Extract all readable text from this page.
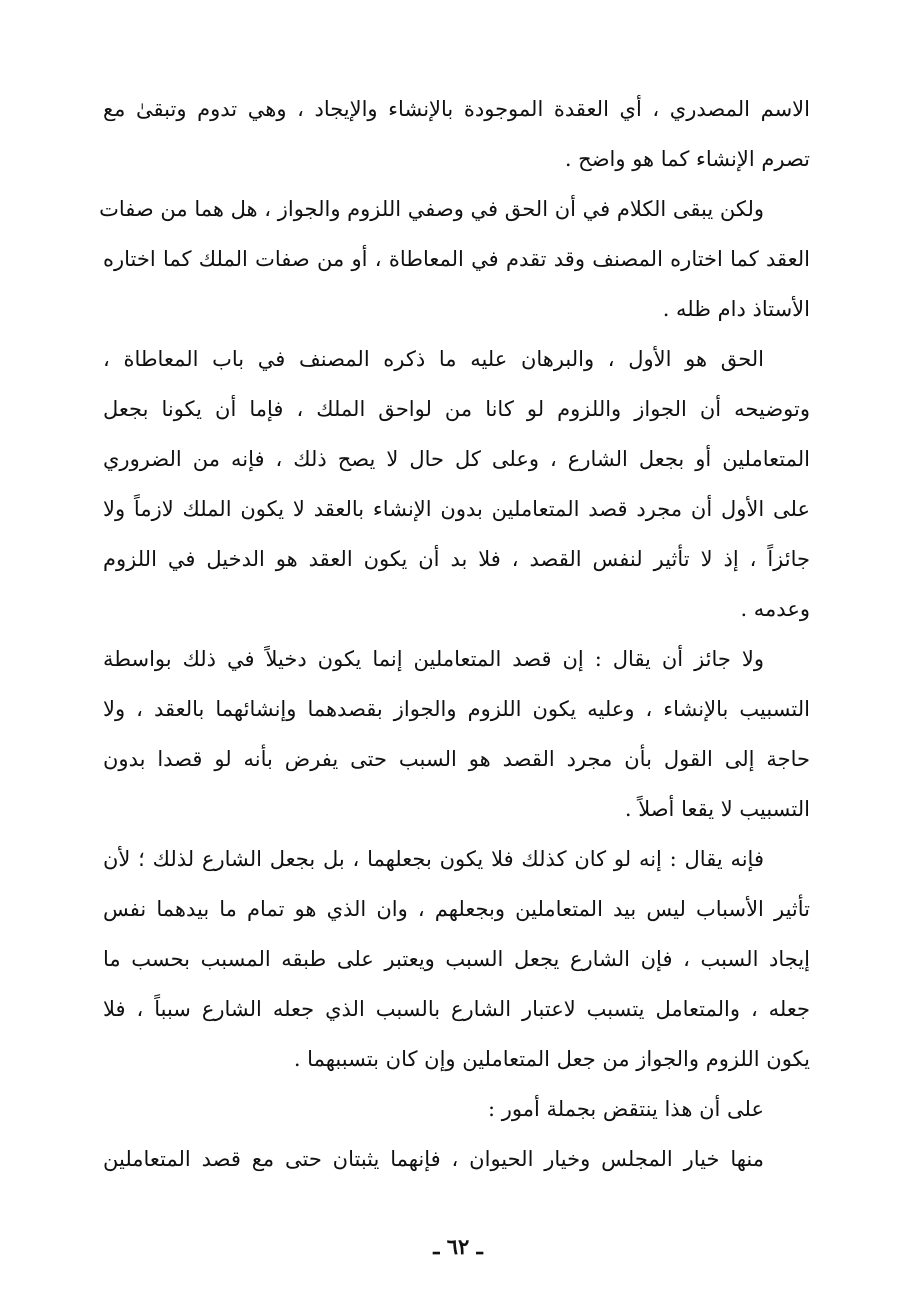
الاسم المصدري ، أي العقدة الموجودة بالإنشاء والإيجاد ، وهي تدوم وتبقىٰ مع
تصرم الإنشاء كما هو واضح .
ولكن يبقى الكلام في أن الحق في وصفي اللزوم والجواز ، هل هما من صفات
العقد كما اختاره المصنف وقد تقدم في المعاطاة ، أو من صفات الملك كما اختاره
الأستاذ دام ظله .
الحق هو الأول ، والبرهان عليه ما ذكره المصنف في باب المعاطاة ،
وتوضيحه أن الجواز واللزوم لو كانا من لواحق الملك ، فإما أن يكونا بجعل
المتعاملين أو بجعل الشارع ، وعلى كل حال لا يصح ذلك ، فإنه من الضروري
على الأول أن مجرد قصد المتعاملين بدون الإنشاء بالعقد لا يكون الملك لازماً ولا
جائزاً ، إذ لا تأثير لنفس القصد ، فلا بد أن يكون العقد هو الدخيل في اللزوم
وعدمه .
ولا جائز أن يقال : إن قصد المتعاملين إنما يكون دخيلاً في ذلك بواسطة
التسبيب بالإنشاء ، وعليه يكون اللزوم والجواز بقصدهما وإنشائهما بالعقد ، ولا
حاجة إلى القول بأن مجرد القصد هو السبب حتى يفرض بأنه لو قصدا بدون
التسبيب لا يقعا أصلاً .
فإنه يقال : إنه لو كان كذلك فلا يكون بجعلهما ، بل بجعل الشارع لذلك ؛ لأن
تأثير الأسباب ليس بيد المتعاملين وبجعلهم ، وان الذي هو تمام ما بيدهما نفس
إيجاد السبب ، فإن الشارع يجعل السبب ويعتبر على طبقه المسبب بحسب ما
جعله ، والمتعامل يتسبب لاعتبار الشارع بالسبب الذي جعله الشارع سبباً ، فلا
يكون اللزوم والجواز من جعل المتعاملين وإن كان بتسببهما .
على أن هذا ينتقض بجملة أمور :
منها خيار المجلس وخيار الحيوان ، فإنهما يثبتان حتى مع قصد المتعاملين
ـ ٦٢ ـ
